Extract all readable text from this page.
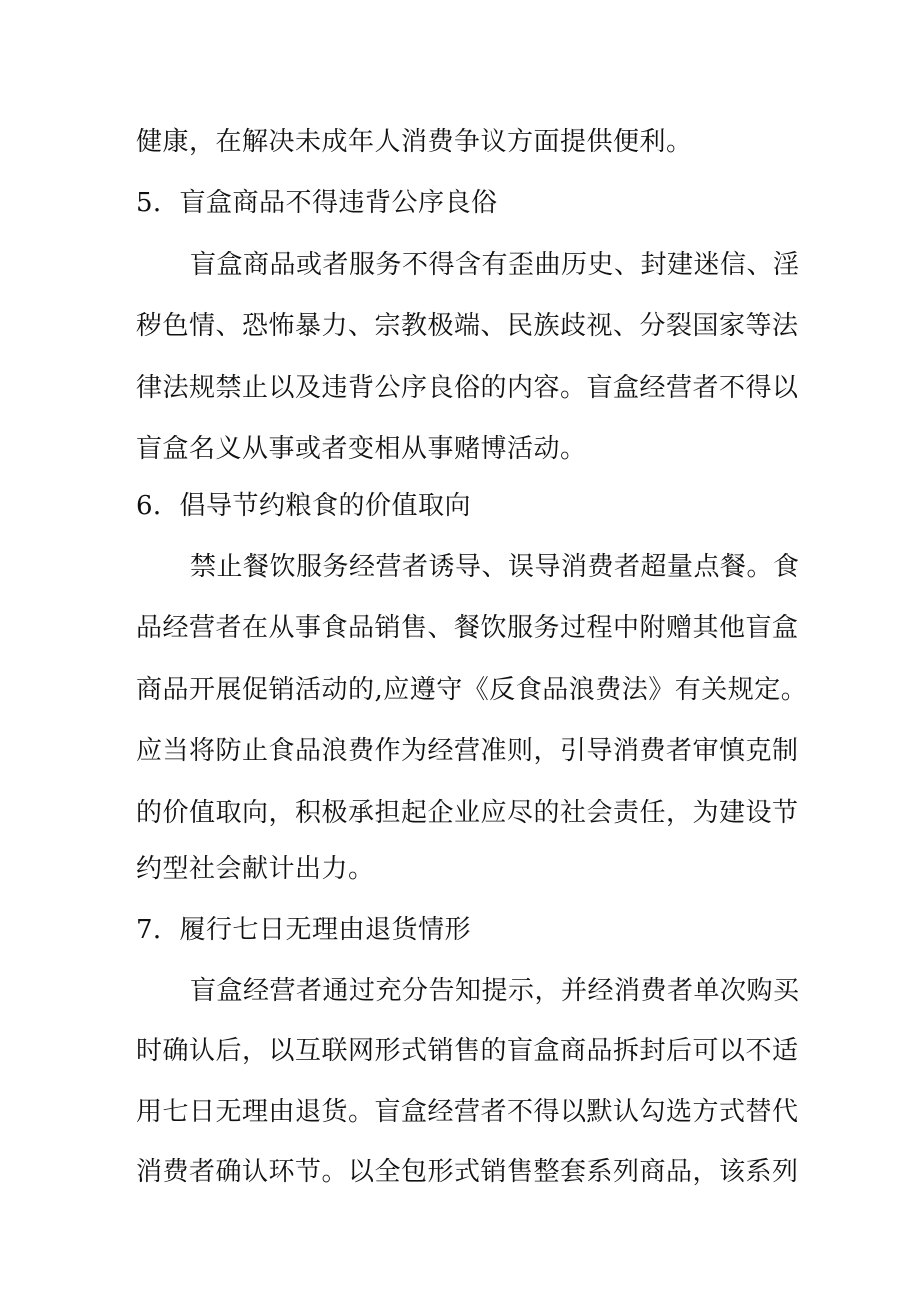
健康，在解决未成年人消费争议方面提供便利。
5．盲盒商品不得违背公序良俗
盲盒商品或者服务不得含有歪曲历史、封建迷信、淫
秽色情、恐怖暴力、宗教极端、民族歧视、分裂国家等法
律法规禁止以及违背公序良俗的内容。盲盒经营者不得以
盲盒名义从事或者变相从事赌博活动。
6．倡导节约粮食的价值取向
禁止餐饮服务经营者诱导、误导消费者超量点餐。食
品经营者在从事食品销售、餐饮服务过程中附赠其他盲盒
商品开展促销活动的,应遵守《反食品浪费法》有关规定。
应当将防止食品浪费作为经营准则，引导消费者审慎克制
的价值取向，积极承担起企业应尽的社会责任，为建设节
约型社会献计出力。
7．履行七日无理由退货情形
盲盒经营者通过充分告知提示，并经消费者单次购买
时确认后，以互联网形式销售的盲盒商品拆封后可以不适
用七日无理由退货。盲盒经营者不得以默认勾选方式替代
消费者确认环节。以全包形式销售整套系列商品，该系列
